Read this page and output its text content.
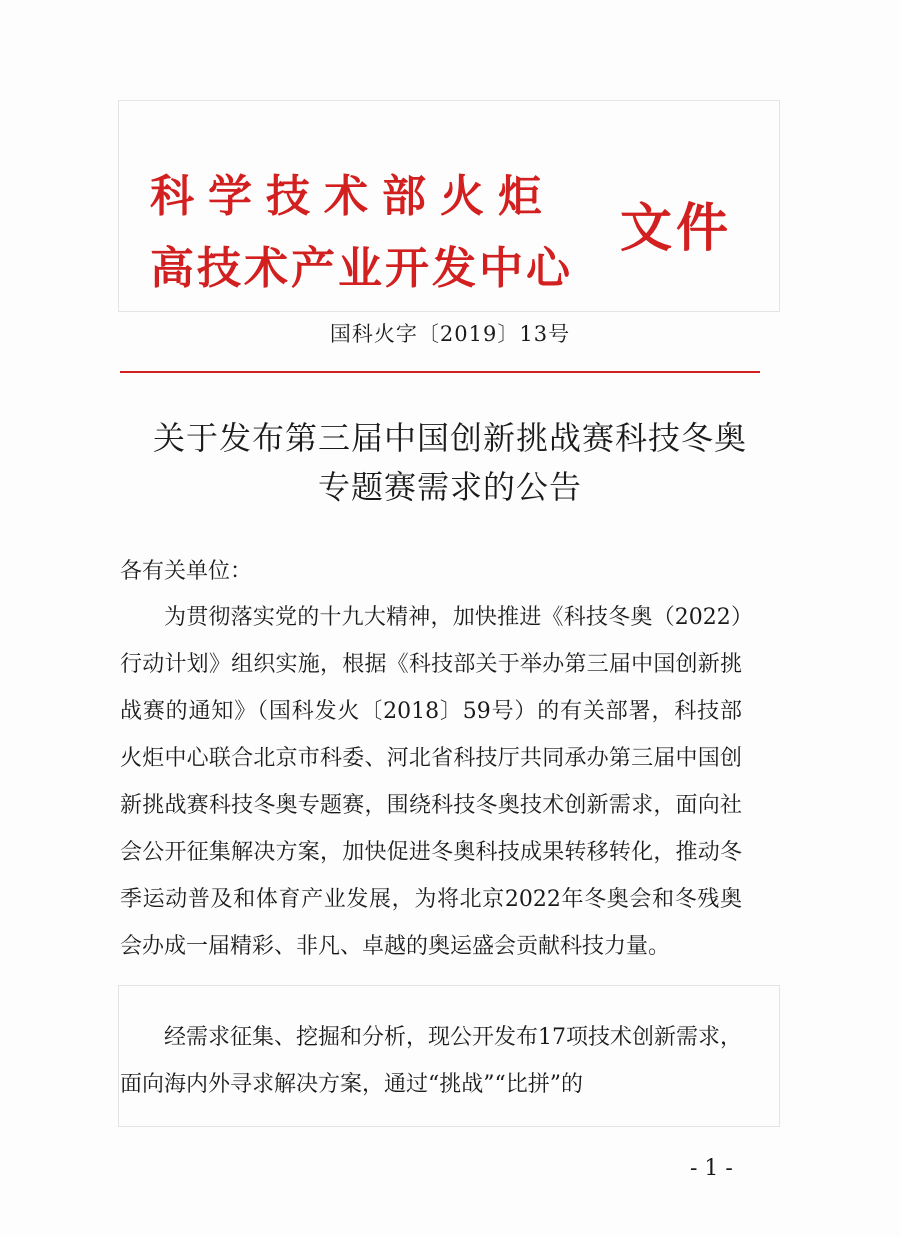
科学技术部火炬
高技术产业开发中心
文件
国科火字〔2019〕13号
关于发布第三届中国创新挑战赛科技冬奥
专题赛需求的公告
各有关单位：

为贯彻落实党的十九大精神，加快推进《科技冬奥（2022）行动计划》组织实施，根据《科技部关于举办第三届中国创新挑战赛的通知》（国科发火〔2018〕59号）的有关部署，科技部火炬中心联合北京市科委、河北省科技厅共同承办第三届中国创新挑战赛科技冬奥专题赛，围绕科技冬奥技术创新需求，面向社会公开征集解决方案，加快促进冬奥科技成果转移转化，推动冬季运动普及和体育产业发展，为将北京2022年冬奥会和冬残奥会办成一届精彩、非凡、卓越的奥运盛会贡献科技力量。

经需求征集、挖掘和分析，现公开发布17项技术创新需求，面向海内外寻求解决方案，通过“挑战”“比拼”的

- 1 -
